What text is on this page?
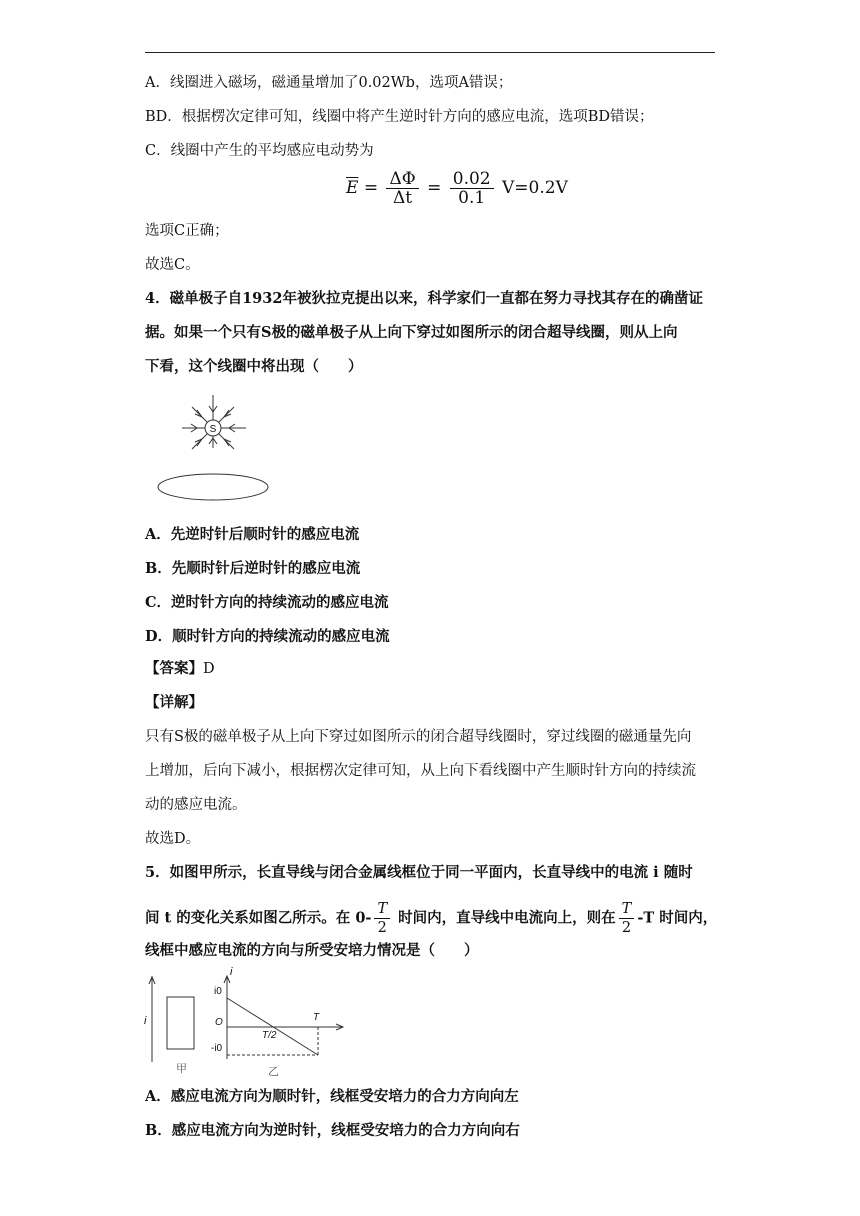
A．线圈进入磁场，磁通量增加了0.02Wb，选项A错误；
BD．根据楞次定律可知，线圈中将产生逆时针方向的感应电流，选项BD错误；
C．线圈中产生的平均感应电动势为
$\overline{E} = \frac{\Delta\Phi}{\Delta t} = \frac{0.02}{0.1} V=0.2V$
选项C正确；
故选C。
4．磁单极子自1932年被狄拉克提出以来，科学家们一直都在努力寻找其存在的确凿证
据。如果一个只有S极的磁单极子从上向下穿过如图所示的闭合超导线圈，则从上向
下看，这个线圈中将出现（　　）
S
A．先逆时针后顺时针的感应电流
B．先顺时针后逆时针的感应电流
C．逆时针方向的持续流动的感应电流
D．顺时针方向的持续流动的感应电流
【答案】D
【详解】
只有S极的磁单极子从上向下穿过如图所示的闭合超导线圈时，穿过线圈的磁通量先向
上增加，后向下减小，根据楞次定律可知，从上向下看线圈中产生顺时针方向的持续流
动的感应电流。
故选D。
5．如图甲所示，长直导线与闭合金属线框位于同一平面内，长直导线中的电流 i 随时
间 t 的变化关系如图乙所示。在 $0- \frac{T}{2}$ 时间内，直导线中电流向上，则在 $\frac{T}{2} -T$ 时间内，
线框中感应电流的方向与所受安培力情况是（　　）
i
甲
i
i0
O
-i0
T/2
T
乙
A．感应电流方向为顺时针，线框受安培力的合力方向向左
B．感应电流方向为逆时针，线框受安培力的合力方向向右
